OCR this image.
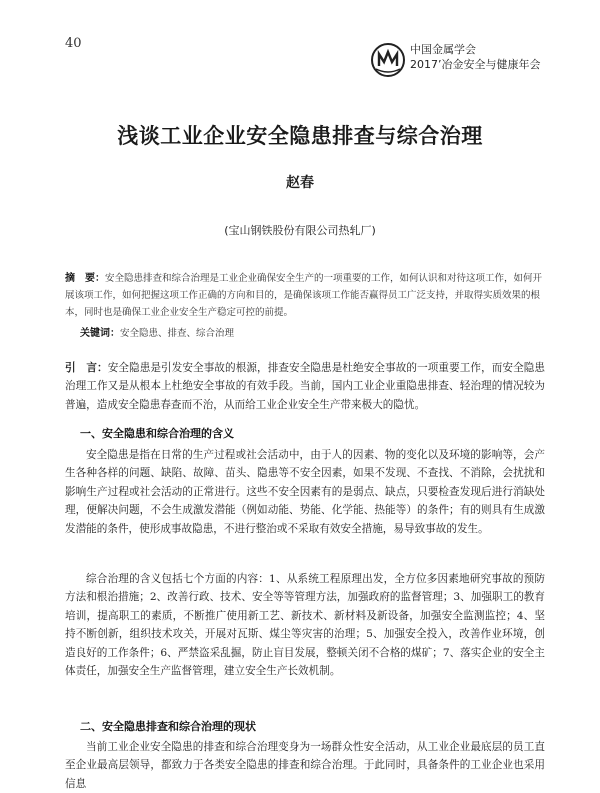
40	中国金属学会
2017’冶金安全与健康年会
浅谈工业企业安全隐患排查与综合治理
赵春
(宝山钢铁股份有限公司热轧厂)
摘　要：安全隐患排查和综合治理是工业企业确保安全生产的一项重要的工作，如何认识和对待这项工作，如何开展该项工作，如何把握这项工作正确的方向和目的，是确保该项工作能否赢得员工广泛支持，并取得实质效果的根本，同时也是确保工业企业安全生产稳定可控的前提。
关键词：安全隐患、排查、综合治理
引　言：安全隐患是引发安全事故的根源，排查安全隐患是杜绝安全事故的一项重要工作，而安全隐患治理工作又是从根本上杜绝安全事故的有效手段。当前，国内工业企业重隐患排查、轻治理的情况较为普遍，造成安全隐患春查而不治，从而给工业企业安全生产带来极大的隐忧。
一、安全隐患和综合治理的含义
安全隐患是指在日常的生产过程或社会活动中，由于人的因素、物的变化以及环境的影响等，会产生各种各样的问题、缺陷、故障、苗头、隐患等不安全因素，如果不发现、不查找、不消除，会扰扰和影响生产过程或社会活动的正常进行。这些不安全因素有的是弱点、缺点，只要检查发现后进行消缺处理，便解决问题，不会生成激发潜能（例如动能、势能、化学能、热能等）的条件；有的则具有生成激发潜能的条件，使形成事故隐患，不进行整治或不采取有效安全措施，易导致事故的发生。
综合治理的含义包括七个方面的内容：1、从系统工程原理出发，全方位多因素地研究事故的预防方法和根治措施；2、改善行政、技术、安全等等管理方法，加强政府的监督管理；3、加强职工的教育培训，提高职工的素质，不断推广使用新工艺、新技术、新材料及新设备，加强安全监测监控；4、坚持不断创新，组织技术攻关，开展对瓦斯、煤尘等灾害的治理；5、加强安全投入，改善作业环境，创造良好的工作条件；6、严禁盗采乱掘，防止盲目发展，整顿关闭不合格的煤矿；7、落实企业的安全主体责任，加强安全生产监督管理，建立安全生产长效机制。
二、安全隐患排查和综合治理的现状
当前工业企业安全隐患的排查和综合治理变身为一场群众性安全活动，从工业企业最底层的员工直至企业最高层领导，都致力于各类安全隐患的排查和综合治理。于此同时，具备条件的工业企业也采用信息
